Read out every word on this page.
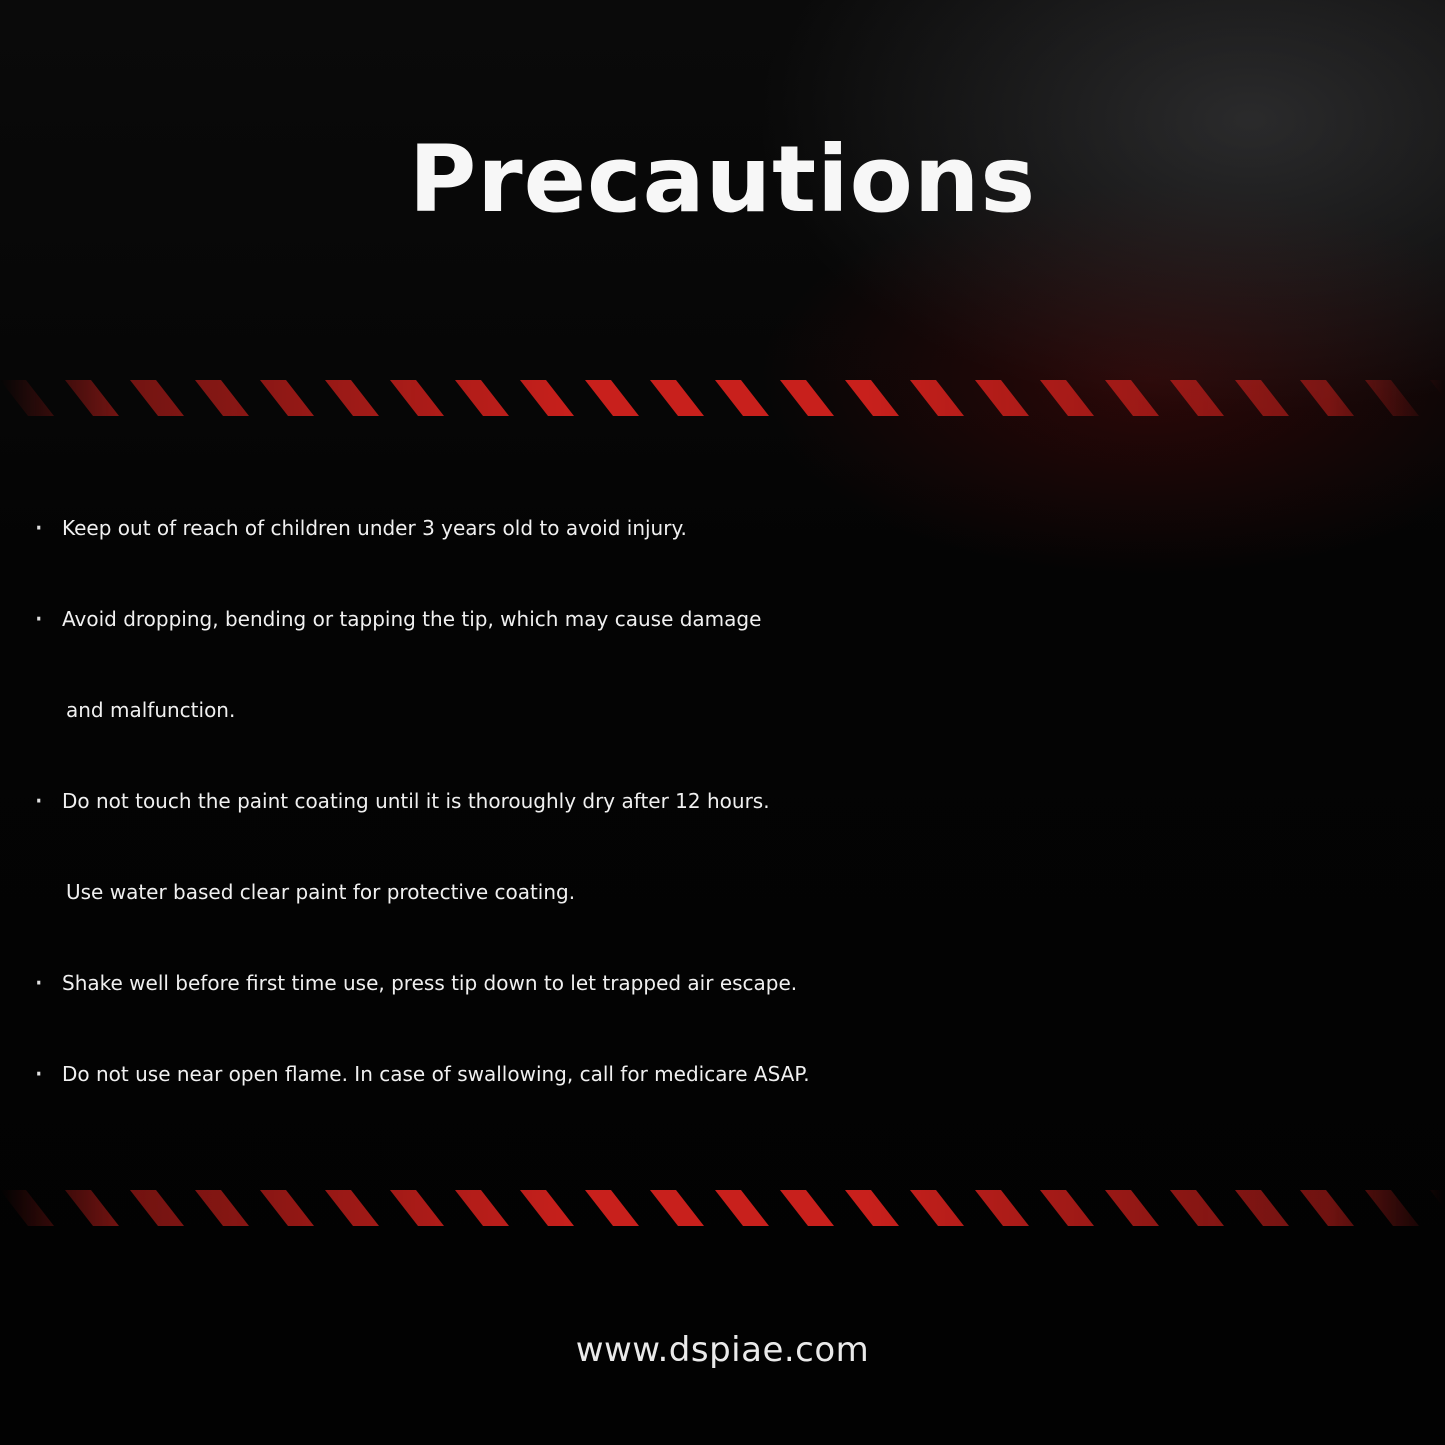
Precautions
· Keep out of reach of children under 3 years old to avoid injury.
· Avoid dropping, bending or tapping the tip, which may cause damage
and malfunction.
· Do not touch the paint coating until it is thoroughly dry after 12 hours.
Use water based clear paint for protective coating.
· Shake well before first time use, press tip down to let trapped air escape.
· Do not use near open flame. In case of swallowing, call for medicare ASAP.
www.dspiae.com
